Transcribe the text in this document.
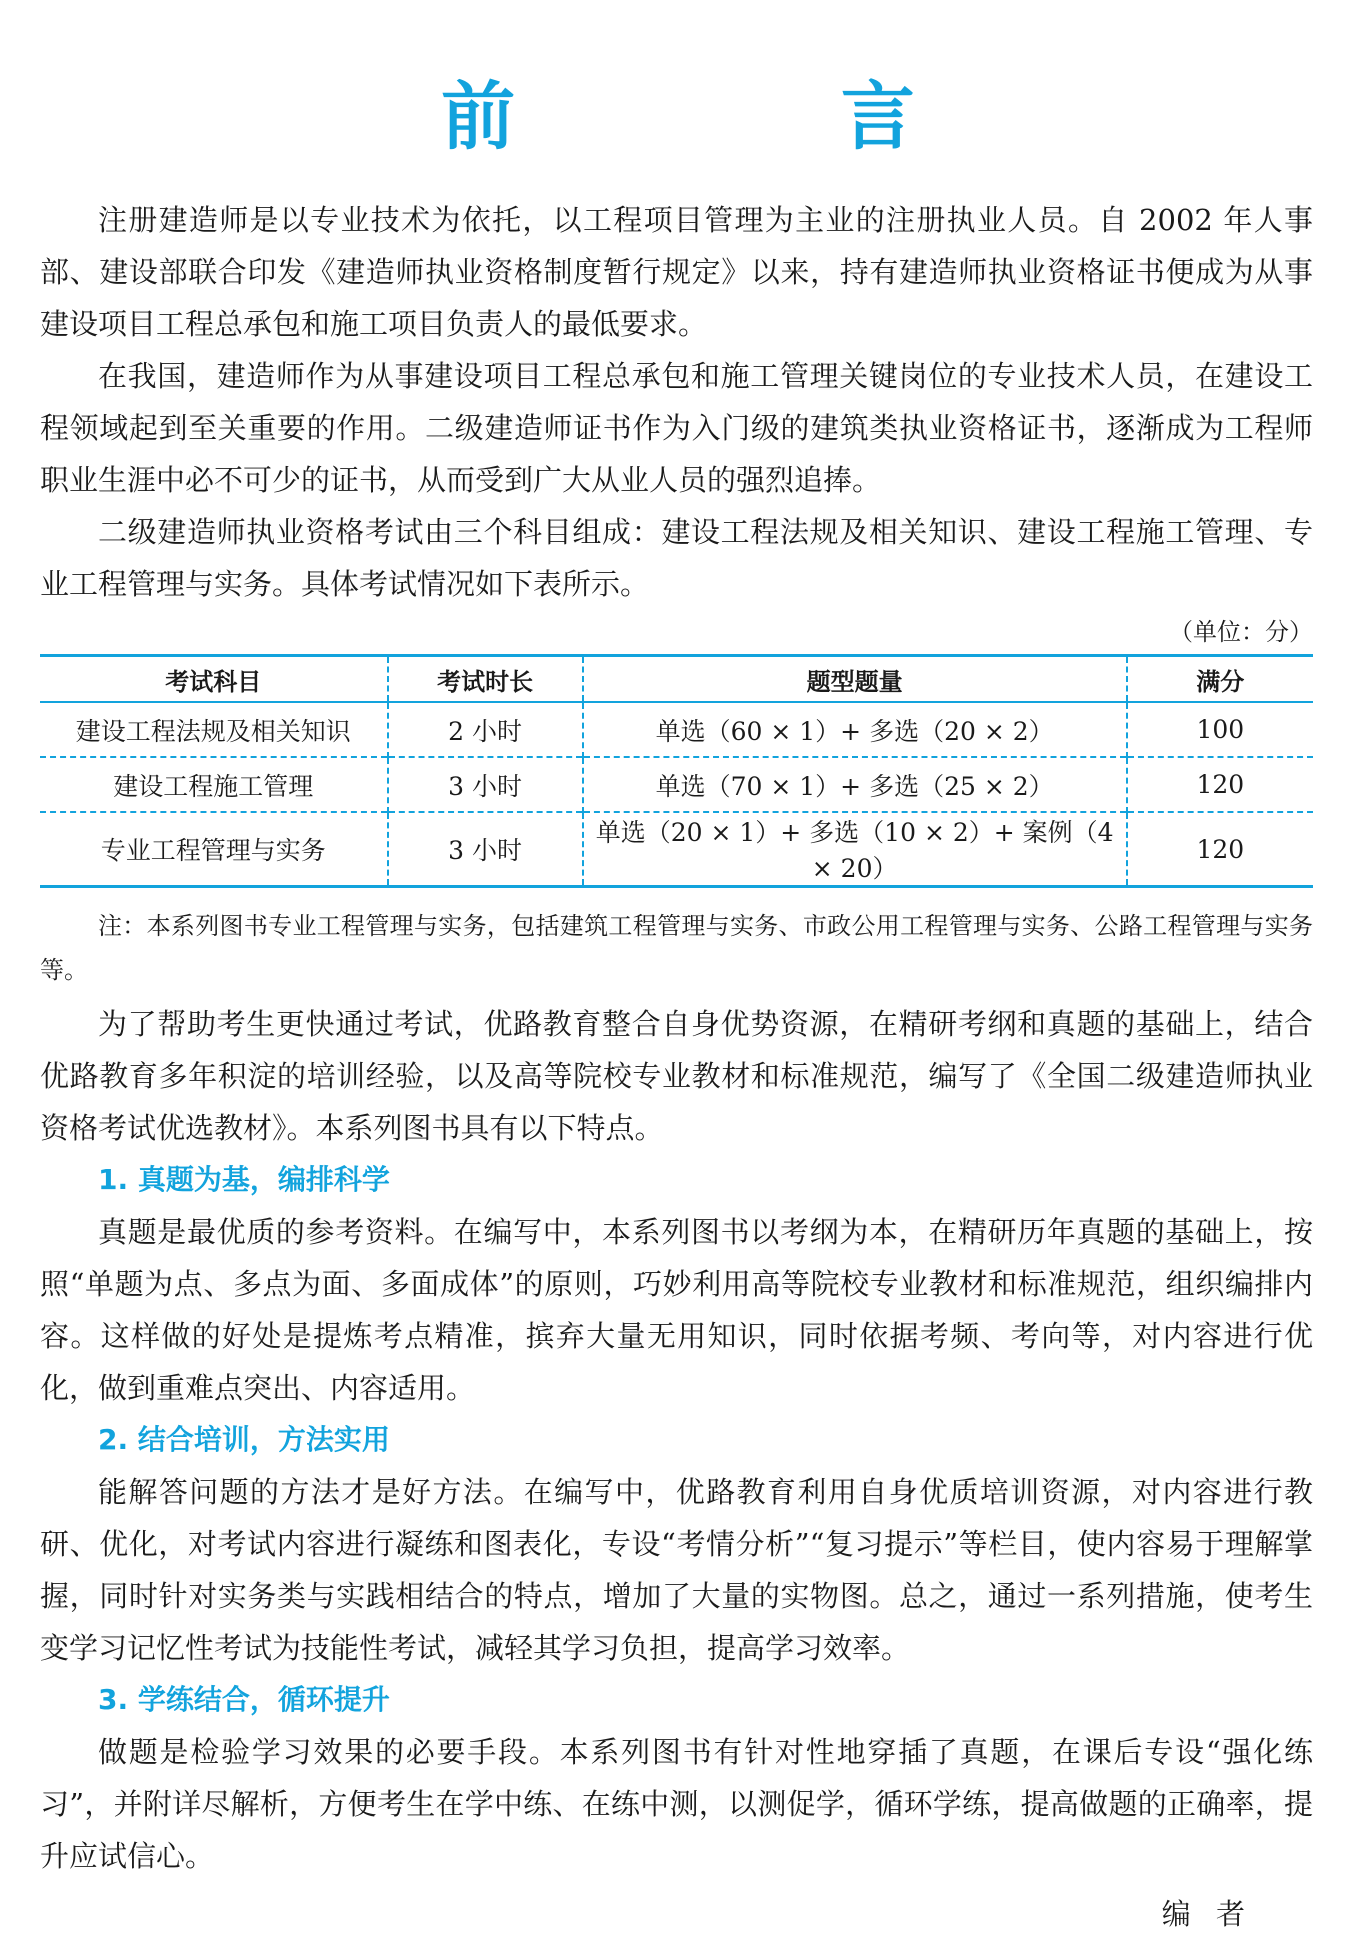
前 言

注册建造师是以专业技术为依托，以工程项目管理为主业的注册执业人员。自 2002 年人事部、建设部联合印发《建造师执业资格制度暂行规定》以来，持有建造师执业资格证书便成为从事建设项目工程总承包和施工项目负责人的最低要求。

在我国，建造师作为从事建设项目工程总承包和施工管理关键岗位的专业技术人员，在建设工程领域起到至关重要的作用。二级建造师证书作为入门级的建筑类执业资格证书，逐渐成为工程师职业生涯中必不可少的证书，从而受到广大从业人员的强烈追捧。

二级建造师执业资格考试由三个科目组成：建设工程法规及相关知识、建设工程施工管理、专业工程管理与实务。具体考试情况如下表所示。

（单位：分）
考试科目	考试时长	题型题量	满分
建设工程法规及相关知识	2 小时	单选（60 × 1）+ 多选（20 × 2）	100
建设工程施工管理	3 小时	单选（70 × 1）+ 多选（25 × 2）	120
专业工程管理与实务	3 小时	单选（20 × 1）+ 多选（10 × 2）+ 案例（4 × 20）	120

注：本系列图书专业工程管理与实务，包括建筑工程管理与实务、市政公用工程管理与实务、公路工程管理与实务等。

为了帮助考生更快通过考试，优路教育整合自身优势资源，在精研考纲和真题的基础上，结合优路教育多年积淀的培训经验，以及高等院校专业教材和标准规范，编写了《全国二级建造师执业资格考试优选教材》。本系列图书具有以下特点。

1. 真题为基，编排科学

真题是最优质的参考资料。在编写中，本系列图书以考纲为本，在精研历年真题的基础上，按照“单题为点、多点为面、多面成体”的原则，巧妙利用高等院校专业教材和标准规范，组织编排内容。这样做的好处是提炼考点精准，摈弃大量无用知识，同时依据考频、考向等，对内容进行优化，做到重难点突出、内容适用。

2. 结合培训，方法实用

能解答问题的方法才是好方法。在编写中，优路教育利用自身优质培训资源，对内容进行教研、优化，对考试内容进行凝练和图表化，专设“考情分析”“复习提示”等栏目，使内容易于理解掌握，同时针对实务类与实践相结合的特点，增加了大量的实物图。总之，通过一系列措施，使考生变学习记忆性考试为技能性考试，减轻其学习负担，提高学习效率。

3. 学练结合，循环提升

做题是检验学习效果的必要手段。本系列图书有针对性地穿插了真题，在课后专设“强化练习”，并附详尽解析，方便考生在学中练、在练中测，以测促学，循环学练，提高做题的正确率，提升应试信心。

编 者
